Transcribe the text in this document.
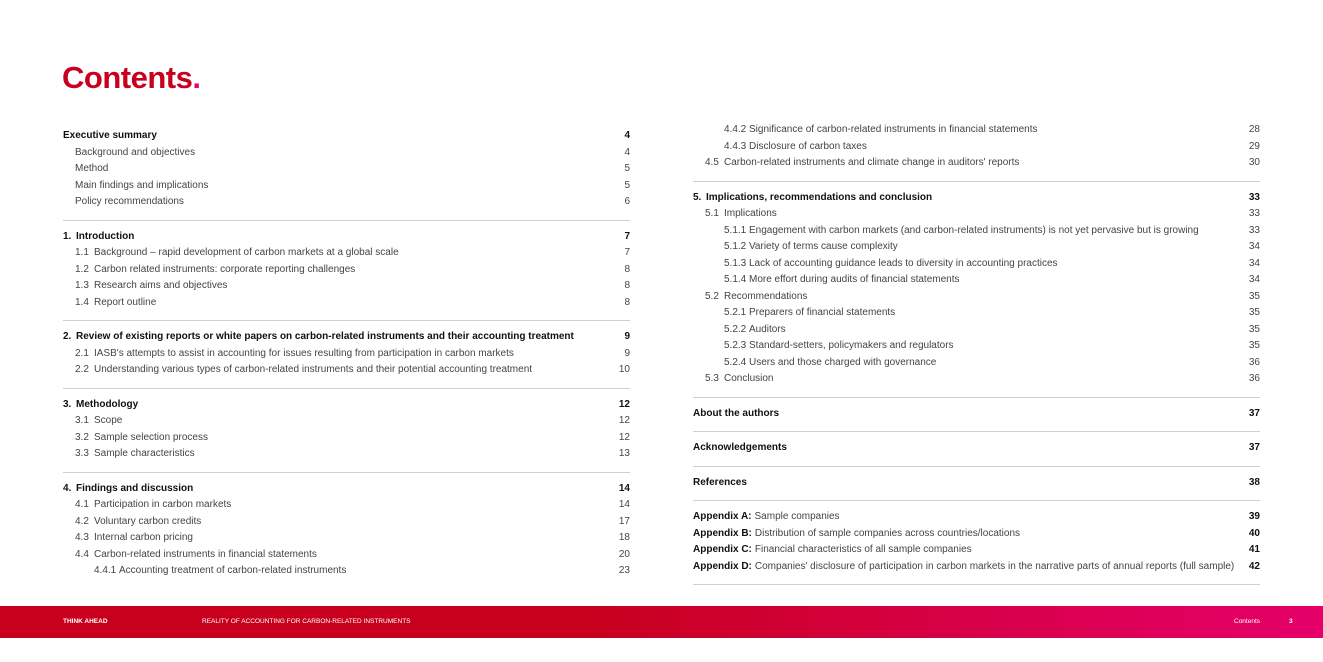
Contents.
Executive summary	4
Background and objectives	4
Method	5
Main findings and implications	5
Policy recommendations	6
1. Introduction	7
1.1 Background – rapid development of carbon markets at a global scale	7
1.2 Carbon related instruments: corporate reporting challenges	8
1.3 Research aims and objectives	8
1.4 Report outline	8
2. Review of existing reports or white papers on carbon-related instruments and their accounting treatment	9
2.1 IASB's attempts to assist in accounting for issues resulting from participation in carbon markets	9
2.2 Understanding various types of carbon-related instruments and their potential accounting treatment	10
3. Methodology	12
3.1 Scope	12
3.2 Sample selection process	12
3.3 Sample characteristics	13
4. Findings and discussion	14
4.1 Participation in carbon markets	14
4.2 Voluntary carbon credits	17
4.3 Internal carbon pricing	18
4.4 Carbon-related instruments in financial statements	20
4.4.1 Accounting treatment of carbon-related instruments	23
4.4.2 Significance of carbon-related instruments in financial statements	28
4.4.3 Disclosure of carbon taxes	29
4.5 Carbon-related instruments and climate change in auditors' reports	30
5. Implications, recommendations and conclusion	33
5.1 Implications	33
5.1.1 Engagement with carbon markets (and carbon-related instruments) is not yet pervasive but is growing	33
5.1.2 Variety of terms cause complexity	34
5.1.3 Lack of accounting guidance leads to diversity in accounting practices	34
5.1.4 More effort during audits of financial statements	34
5.2 Recommendations	35
5.2.1 Preparers of financial statements	35
5.2.2 Auditors	35
5.2.3 Standard-setters, policymakers and regulators	35
5.2.4 Users and those charged with governance	36
5.3 Conclusion	36
About the authors	37
Acknowledgements	37
References	38
Appendix A: Sample companies	39
Appendix B: Distribution of sample companies across countries/locations	40
Appendix C: Financial characteristics of all sample companies	41
Appendix D: Companies' disclosure of participation in carbon markets in the narrative parts of annual reports (full sample)	42
THINK AHEAD	REALITY OF ACCOUNTING FOR CARBON-RELATED INSTRUMENTS	Contents	3
